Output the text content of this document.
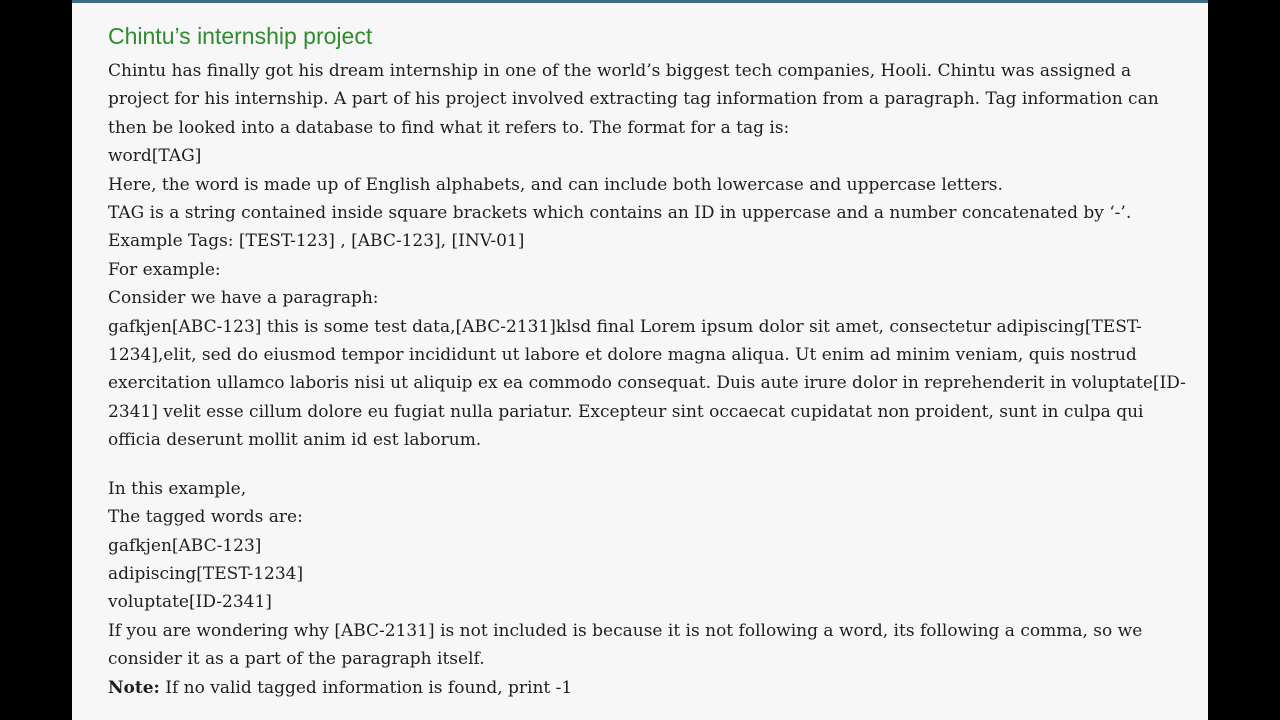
Chintu’s internship project
Chintu has finally got his dream internship in one of the world’s biggest tech companies, Hooli. Chintu was assigned a project for his internship. A part of his project involved extracting tag information from a paragraph. Tag information can then be looked into a database to find what it refers to. The format for a tag is:
word[TAG]
Here, the word is made up of English alphabets, and can include both lowercase and uppercase letters.
TAG is a string contained inside square brackets which contains an ID in uppercase and a number concatenated by ‘-’.
Example Tags: [TEST-123] , [ABC-123], [INV-01]
For example:
Consider we have a paragraph:
gafkjen[ABC-123] this is some test data,[ABC-2131]klsd final Lorem ipsum dolor sit amet, consectetur adipiscing[TEST-1234],elit, sed do eiusmod tempor incididunt ut labore et dolore magna aliqua. Ut enim ad minim veniam, quis nostrud exercitation ullamco laboris nisi ut aliquip ex ea commodo consequat. Duis aute irure dolor in reprehenderit in voluptate[ID-2341] velit esse cillum dolore eu fugiat nulla pariatur. Excepteur sint occaecat cupidatat non proident, sunt in culpa qui officia deserunt mollit anim id est laborum.
In this example,
The tagged words are:
gafkjen[ABC-123]
adipiscing[TEST-1234]
voluptate[ID-2341]
If you are wondering why [ABC-2131] is not included is because it is not following a word, its following a comma, so we consider it as a part of the paragraph itself.
Note: If no valid tagged information is found, print -1
